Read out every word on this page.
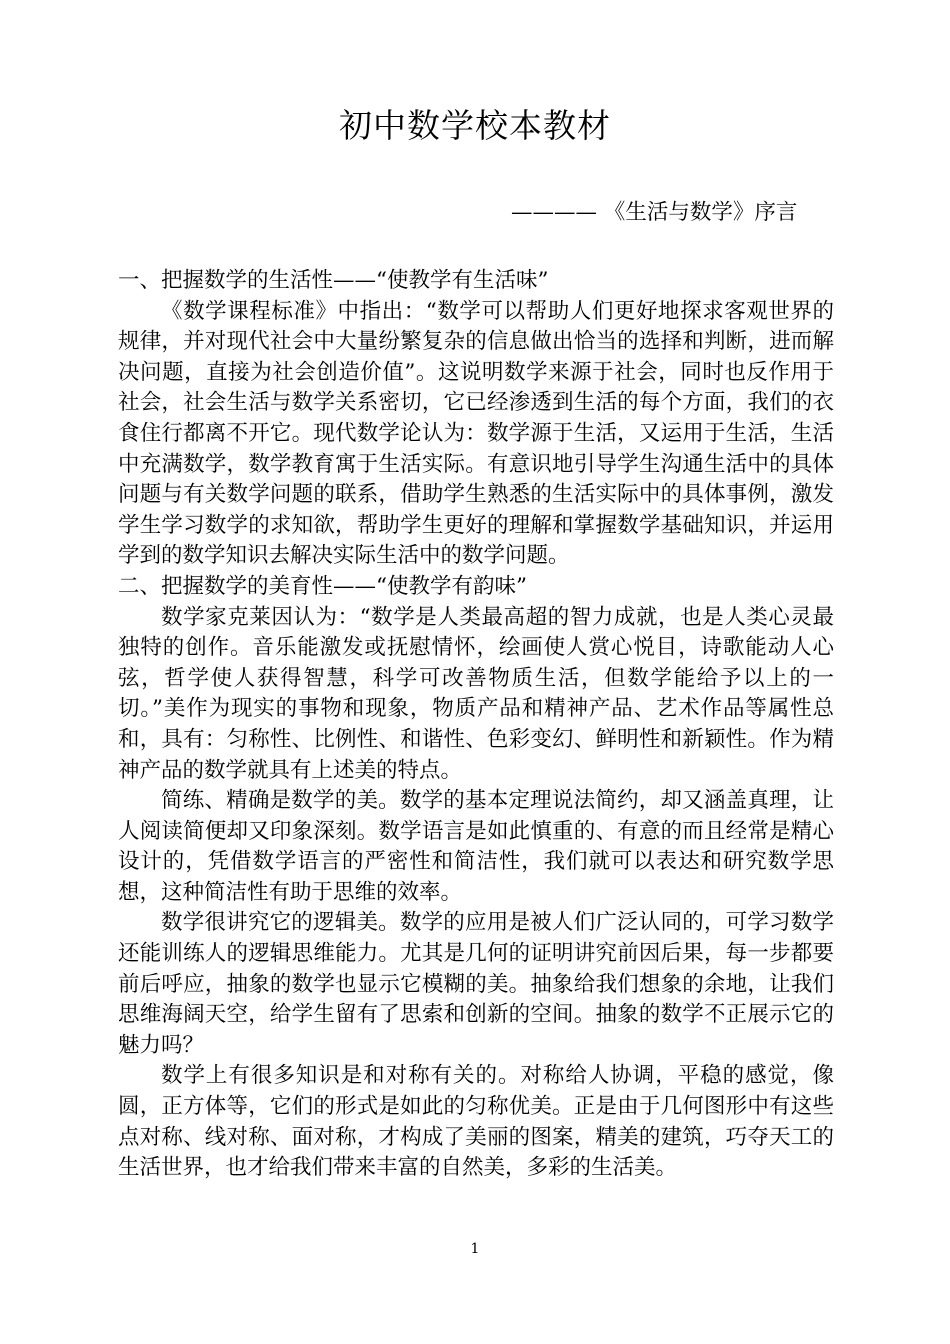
初中数学校本教材
———— 《生活与数学》序言

一、把握数学的生活性——“使教学有生活味”

《数学课程标准》中指出：“数学可以帮助人们更好地探求客观世界的规律，并对现代社会中大量纷繁复杂的信息做出恰当的选择和判断，进而解决问题，直接为社会创造价值”。这说明数学来源于社会，同时也反作用于社会，社会生活与数学关系密切，它已经渗透到生活的每个方面，我们的衣食住行都离不开它。现代数学论认为：数学源于生活，又运用于生活，生活中充满数学，数学教育寓于生活实际。有意识地引导学生沟通生活中的具体问题与有关数学问题的联系，借助学生熟悉的生活实际中的具体事例，激发学生学习数学的求知欲，帮助学生更好的理解和掌握数学基础知识，并运用学到的数学知识去解决实际生活中的数学问题。

二、把握数学的美育性——“使教学有韵味”

数学家克莱因认为：“数学是人类最高超的智力成就，也是人类心灵最独特的创作。音乐能激发或抚慰情怀，绘画使人赏心悦目，诗歌能动人心弦，哲学使人获得智慧，科学可改善物质生活，但数学能给予以上的一切。”美作为现实的事物和现象，物质产品和精神产品、艺术作品等属性总和，具有：匀称性、比例性、和谐性、色彩变幻、鲜明性和新颖性。作为精神产品的数学就具有上述美的特点。

简练、精确是数学的美。数学的基本定理说法简约，却又涵盖真理，让人阅读简便却又印象深刻。数学语言是如此慎重的、有意的而且经常是精心设计的，凭借数学语言的严密性和简洁性，我们就可以表达和研究数学思想，这种简洁性有助于思维的效率。

数学很讲究它的逻辑美。数学的应用是被人们广泛认同的，可学习数学还能训练人的逻辑思维能力。尤其是几何的证明讲究前因后果，每一步都要前后呼应，抽象的数学也显示它模糊的美。抽象给我们想象的余地，让我们思维海阔天空，给学生留有了思索和创新的空间。抽象的数学不正展示它的魅力吗？

数学上有很多知识是和对称有关的。对称给人协调，平稳的感觉，像圆，正方体等，它们的形式是如此的匀称优美。正是由于几何图形中有这些点对称、线对称、面对称，才构成了美丽的图案，精美的建筑，巧夺天工的生活世界，也才给我们带来丰富的自然美，多彩的生活美。

1
